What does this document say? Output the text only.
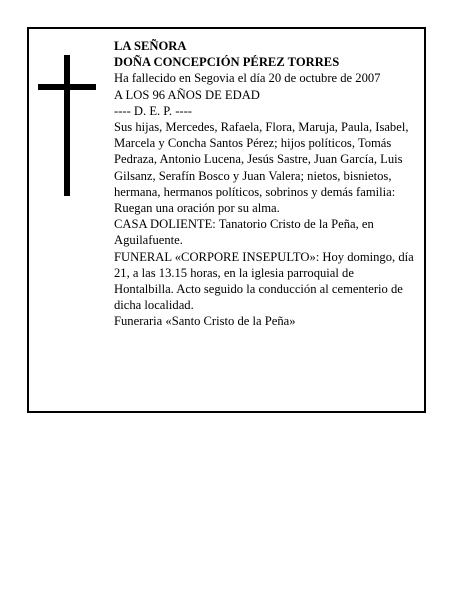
LA SEÑORA

DOÑA CONCEPCIÓN PÉREZ TORRES

Ha fallecido en Segovia el día 20 de octubre de 2007

A LOS 96 AÑOS DE EDAD

---- D. E. P. ----

Sus hijas, Mercedes, Rafaela, Flora, Maruja, Paula, Isabel, Marcela y Concha Santos Pérez; hijos políticos, Tomás Pedraza, Antonio Lucena, Jesús Sastre, Juan García, Luis Gilsanz, Serafín Bosco y Juan Valera; nietos, bisnietos, hermana, hermanos políticos, sobrinos y demás familia:

Ruegan una oración por su alma.

CASA DOLIENTE: Tanatorio Cristo de la Peña, en Aguilafuente.

FUNERAL «CORPORE INSEPULTO»: Hoy domingo, día 21, a las 13.15 horas, en la iglesia parroquial de Hontalbilla. Acto seguido la conducción al cementerio de dicha localidad.

Funeraria «Santo Cristo de la Peña»
